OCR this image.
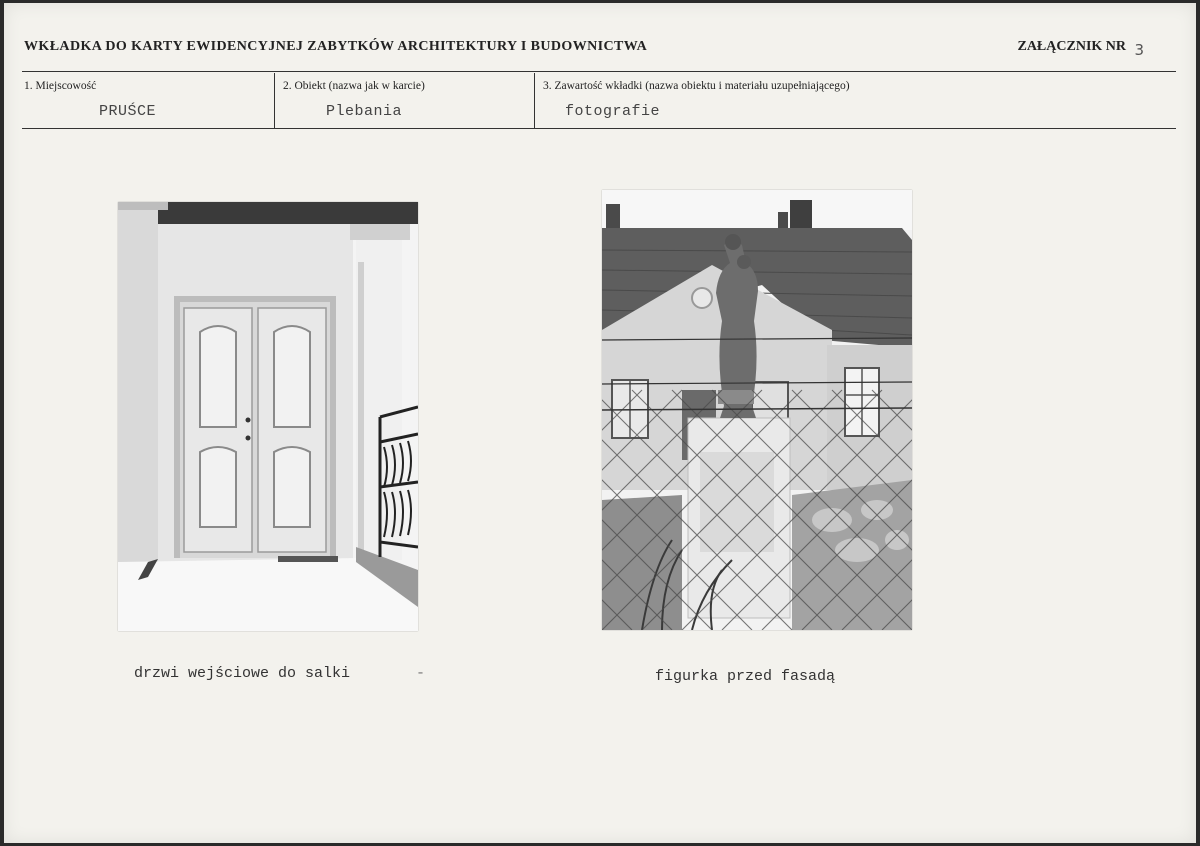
WKŁADKA DO KARTY EWIDENCYJNEJ ZABYTKÓW ARCHITEKTURY I BUDOWNICTWA	ZAŁĄCZNIK NR 3
1. Miejscowość
PRUŚCE
2. Obiekt (nazwa jak w karcie)
Plebania
3. Zawartość wkładki (nazwa obiektu i materiału uzupełniającego)
fotografie
drzwi wejściowe do salki	-	figurka przed fasadą
